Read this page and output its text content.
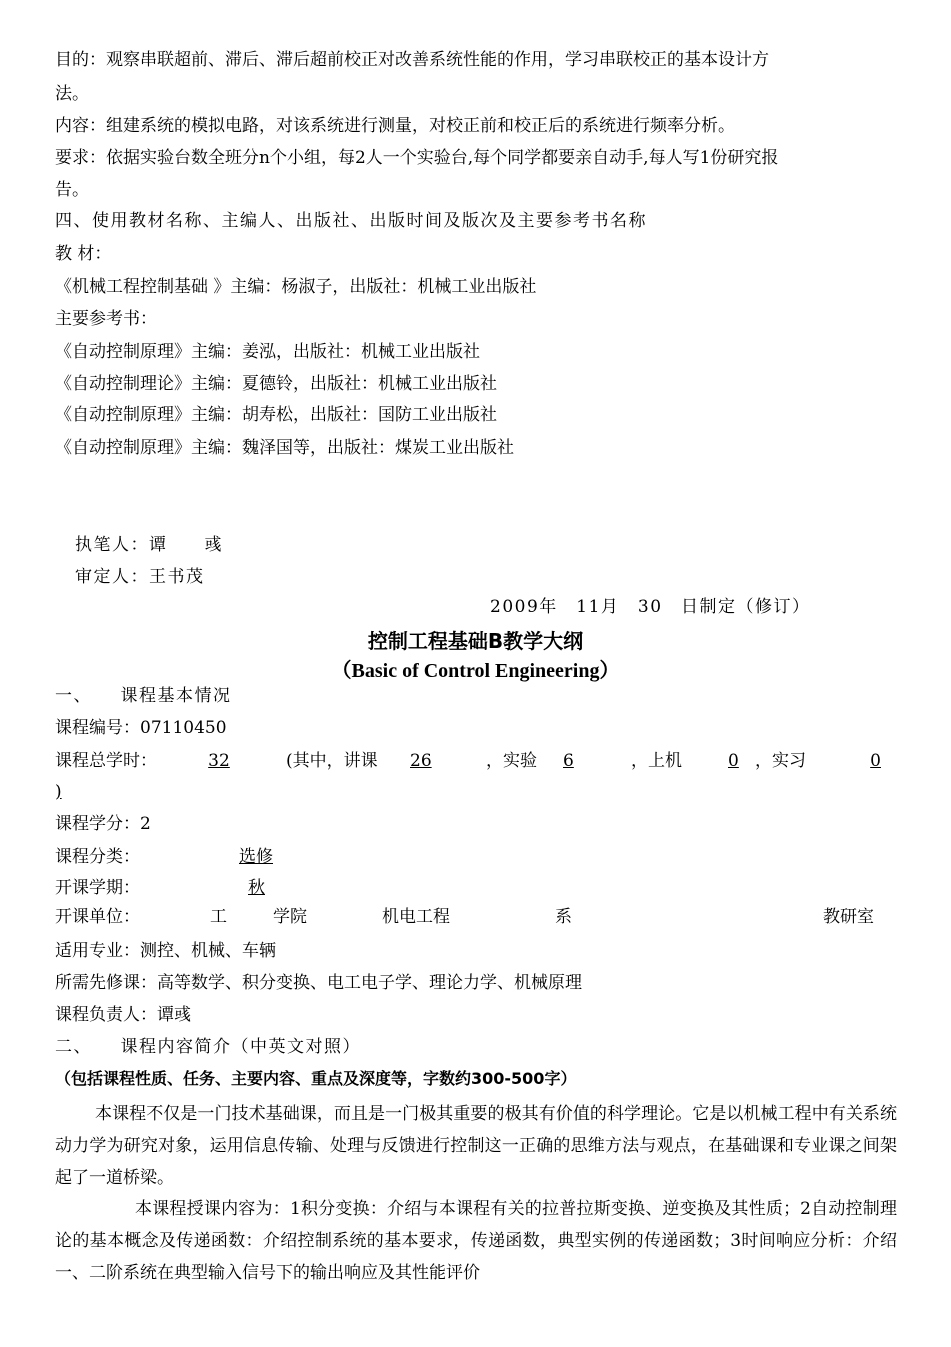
目的：观察串联超前、滞后、滞后超前校正对改善系统性能的作用，学习串联校正的基本设计方
法。
内容：组建系统的模拟电路，对该系统进行测量，对校正前和校正后的系统进行频率分析。
要求：依据实验台数全班分n个小组，每2人一个实验台,每个同学都要亲自动手,每人写1份研究报
告。
四、使用教材名称、主编人、出版社、出版时间及版次及主要参考书名称
教 材：
《机械工程控制基础 》主编：杨淑子，出版社：机械工业出版社
主要参考书：
《自动控制原理》主编：姜泓，出版社：机械工业出版社
《自动控制理论》主编：夏德铃，出版社：机械工业出版社
《自动控制原理》主编：胡寿松，出版社：国防工业出版社
《自动控制原理》主编：魏泽国等，出版社：煤炭工业出版社
执笔人：谭　　彧
审定人：王书茂
2009年　11月　30　日制定（修订）
控制工程基础B教学大纲
（Basic of Control Engineering）
一、　　课程基本情况
课程编号：07110450
课程总学时：	32	(其中，讲课	26	，实验	6	，上机	0 ，实习	0
)
课程学分：2
课程分类：	选修
开课学期：	秋
开课单位：	工	学院	机电工程	系	教研室
适用专业：测控、机械、车辆
所需先修课：高等数学、积分变换、电工电子学、理论力学、机械原理
课程负责人：谭彧
二、　　课程内容简介（中英文对照）
（包括课程性质、任务、主要内容、重点及深度等，字数约300-500字）
本课程不仅是一门技术基础课，而且是一门极其重要的极其有价值的科学理论。它是以机械工程中有关系统动力学为研究对象，运用信息传输、处理与反馈进行控制这一正确的思维方法与观点，在基础课和专业课之间架起了一道桥梁。
本课程授课内容为：1积分变换：介绍与本课程有关的拉普拉斯变换、逆变换及其性质；2自动控制理论的基本概念及传递函数：介绍控制系统的基本要求，传递函数，典型实例的传递函数；3时间响应分析：介绍一、二阶系统在典型输入信号下的输出响应及其性能评价
